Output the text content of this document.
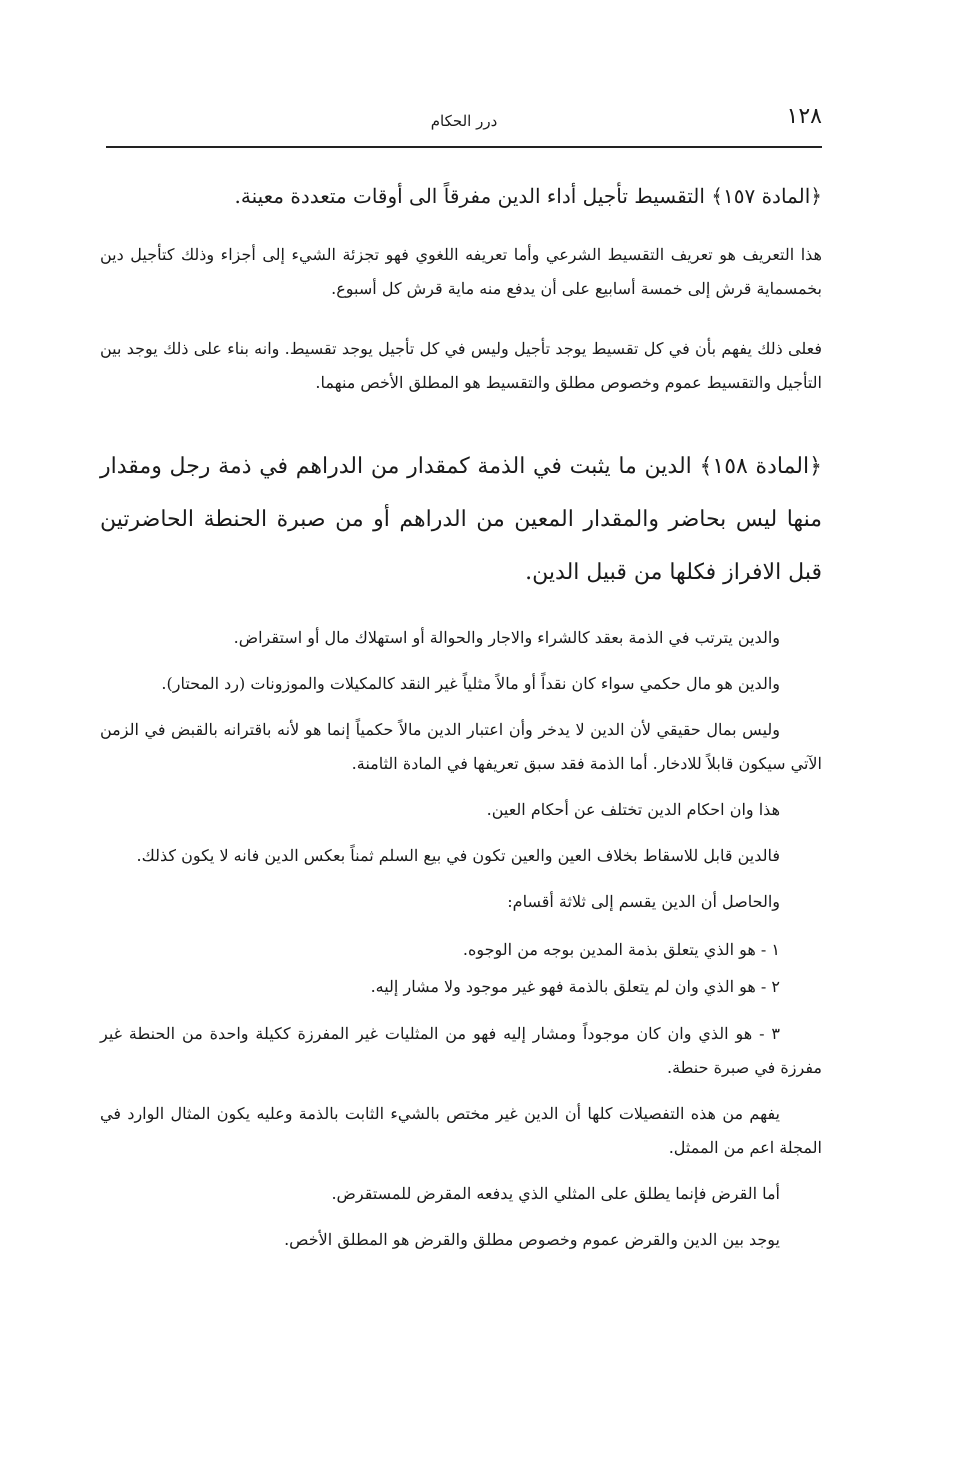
١٢٨
درر الحكام

﴿المادة ١٥٧﴾ التقسيط تأجيل أداء الدين مفرقاً الى أوقات متعددة معينة.

هذا التعريف هو تعريف التقسيط الشرعي وأما تعريفه اللغوي فهو تجزئة الشيء إلى أجزاء وذلك كتأجيل دين بخمسماية قرش إلى خمسة أسابيع على أن يدفع منه ماية قرش كل أسبوع.

فعلى ذلك يفهم بأن في كل تقسيط يوجد تأجيل وليس في كل تأجيل يوجد تقسيط. وانه بناء على ذلك يوجد بين التأجيل والتقسيط عموم وخصوص مطلق والتقسيط هو المطلق الأخص منهما.

﴿المادة ١٥٨﴾ الدين ما يثبت في الذمة كمقدار من الدراهم في ذمة رجل ومقدار منها ليس بحاضر والمقدار المعين من الدراهم أو من صبرة الحنطة الحاضرتين قبل الافراز فكلها من قبيل الدين.

والدين يترتب في الذمة بعقد كالشراء والاجار والحوالة أو استهلاك مال أو استقراض.

والدين هو مال حكمي سواء كان نقداً أو مالاً مثلياً غير النقد كالمكيلات والموزونات (رد المحتار).

وليس بمال حقيقي لأن الدين لا يدخر وأن اعتبار الدين مالاً حكمياً إنما هو لأنه باقترانه بالقبض في الزمن الآتي سيكون قابلاً للادخار. أما الذمة فقد سبق تعريفها في المادة الثامنة.

هذا وان احكام الدين تختلف عن أحكام العين.

فالدين قابل للاسقاط بخلاف العين والعين تكون في بيع السلم ثمناً بعكس الدين فانه لا يكون كذلك.

والحاصل أن الدين يقسم إلى ثلاثة أقسام:

١ - هو الذي يتعلق بذمة المدين بوجه من الوجوه.
٢ - هو الذي وان لم يتعلق بالذمة فهو غير موجود ولا مشار إليه.

٣ - هو الذي وان كان موجوداً ومشار إليه فهو من المثليات غير المفرزة ككيلة واحدة من الحنطة غير مفرزة في صبرة حنطة.

يفهم من هذه التفصيلات كلها أن الدين غير مختص بالشيء الثابت بالذمة وعليه يكون المثال الوارد في المجلة اعم من الممثل.

أما القرض فإنما يطلق على المثلي الذي يدفعه المقرض للمستقرض.

يوجد بين الدين والقرض عموم وخصوص مطلق والقرض هو المطلق الأخص.
